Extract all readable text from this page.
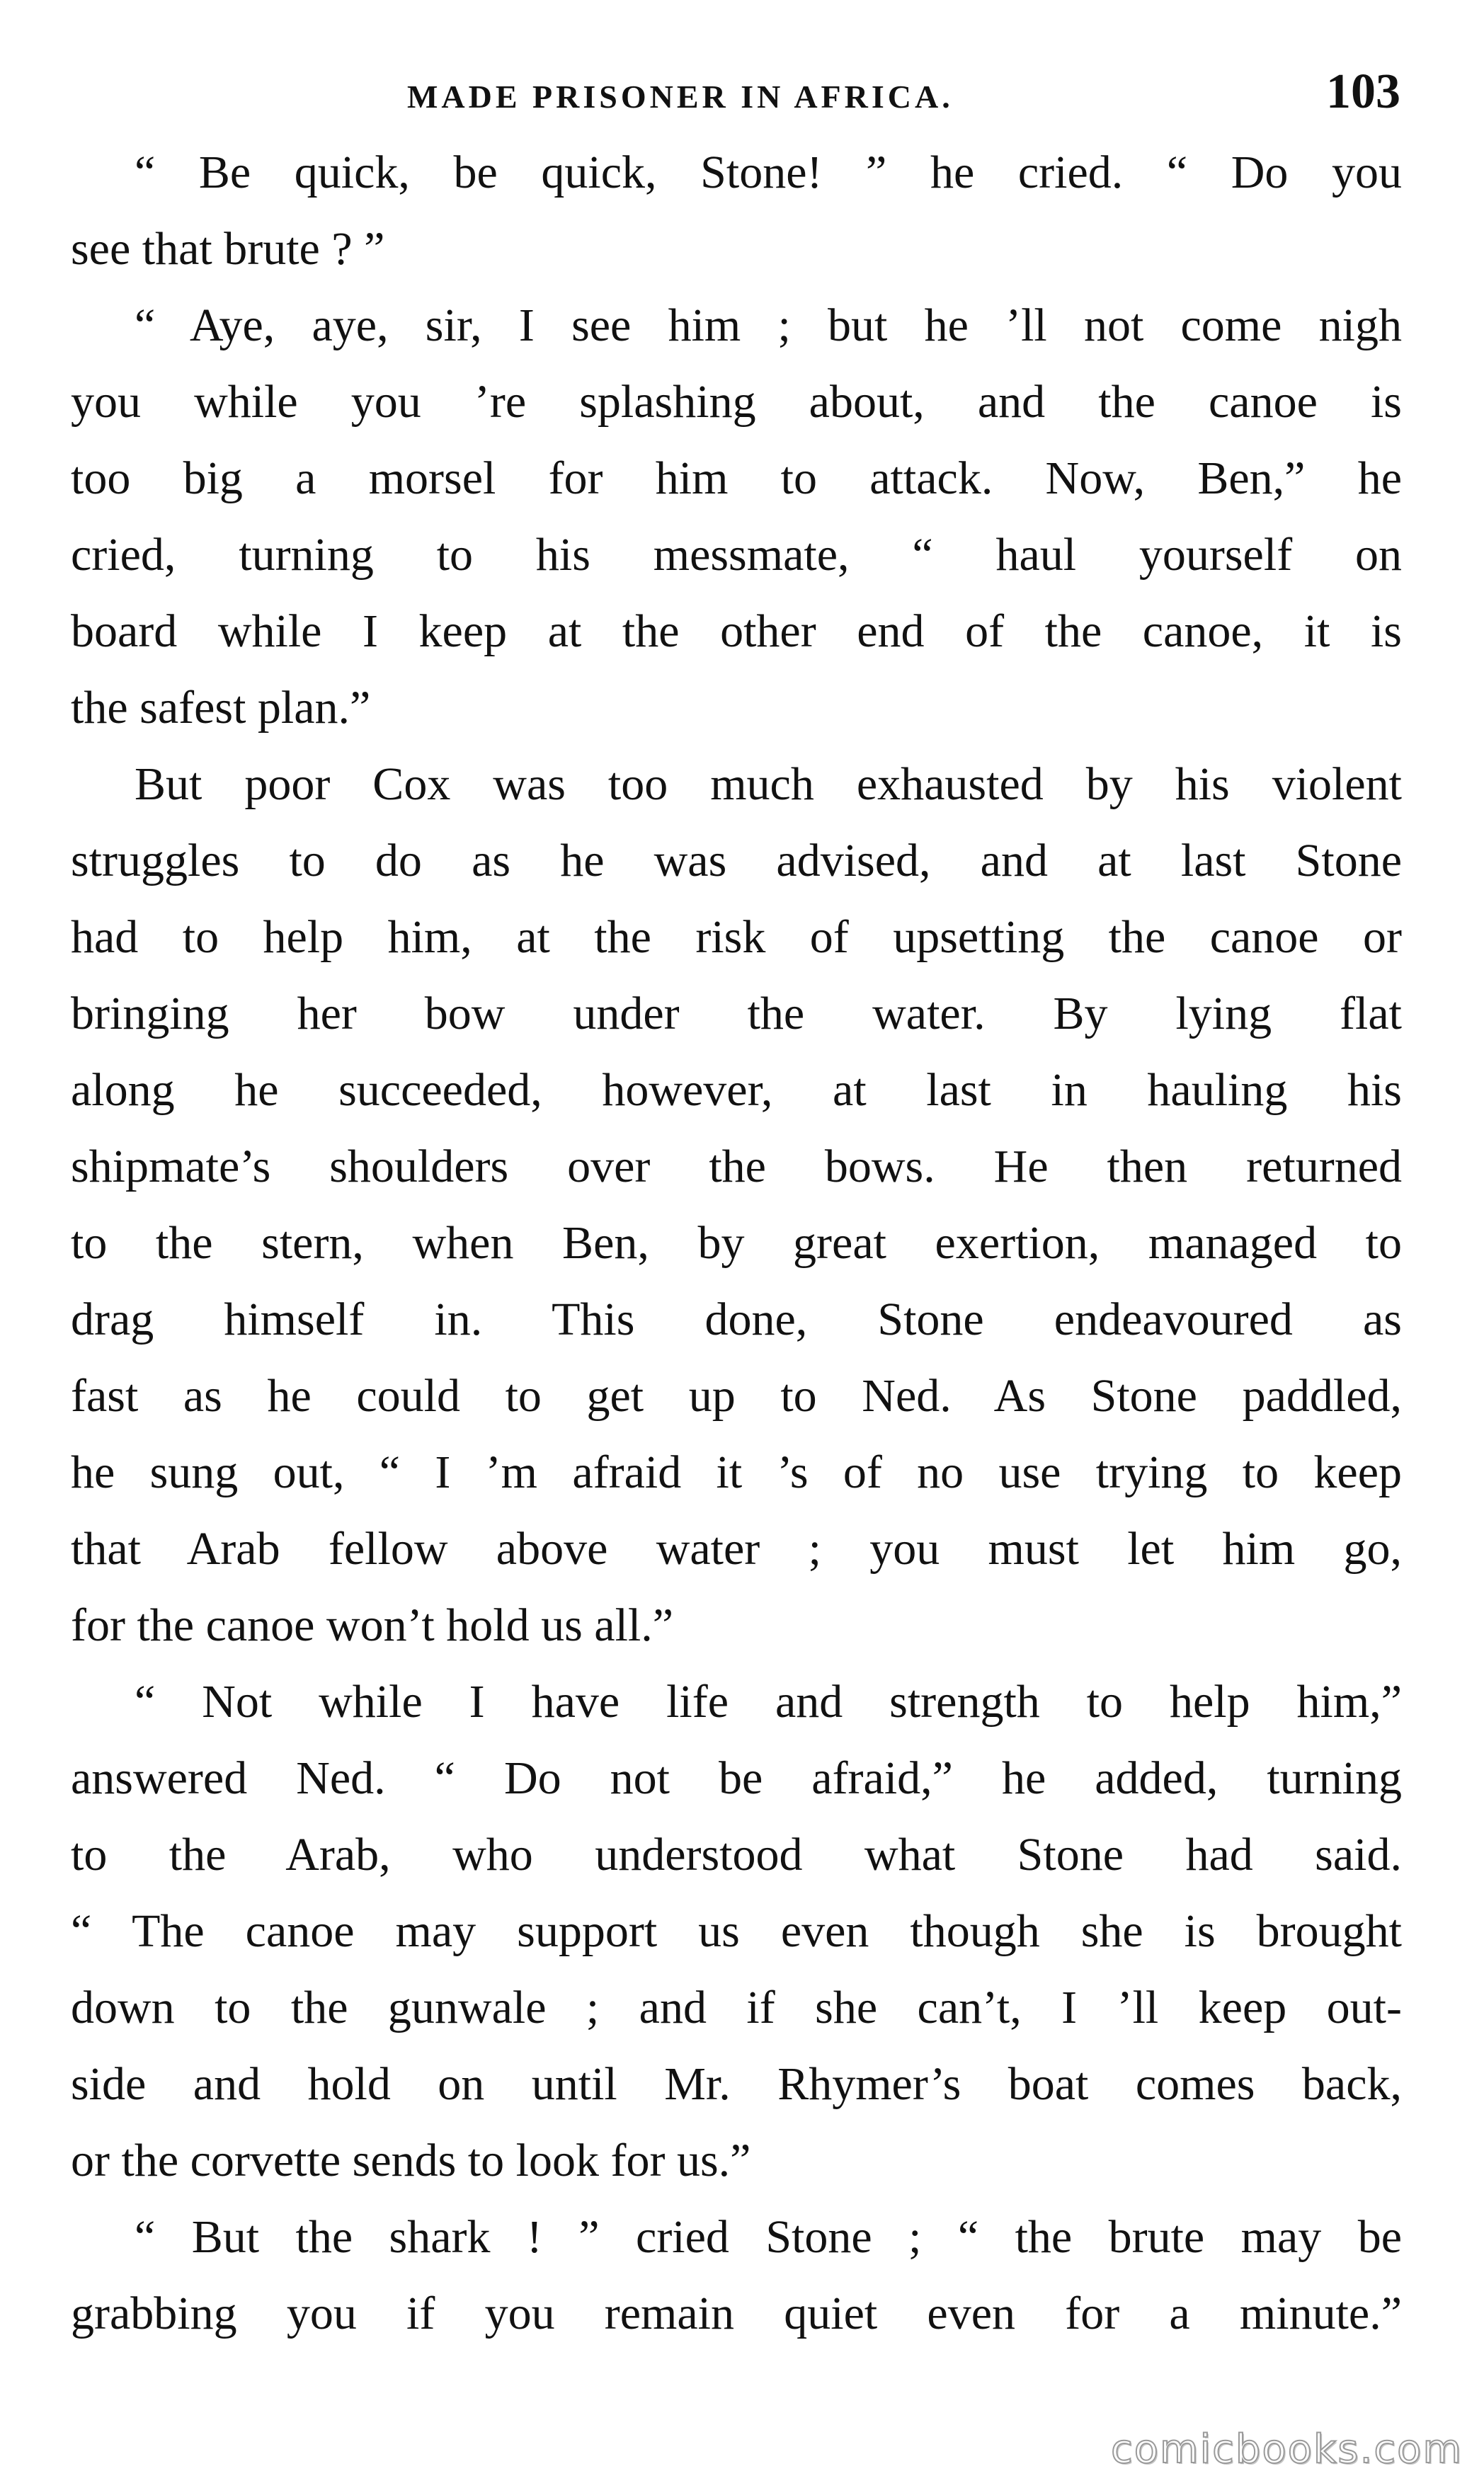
MADE PRISONER IN AFRICA.	103

“ Be quick, be quick, Stone! ” he cried. “ Do you
see that brute ? ”

“ Aye, aye, sir, I see him ; but he ’ll not come nigh
you while you ’re splashing about, and the canoe is
too big a morsel for him to attack. Now, Ben,” he
cried, turning to his messmate, “ haul yourself on
board while I keep at the other end of the canoe, it is
the safest plan.”

But poor Cox was too much exhausted by his violent
struggles to do as he was advised, and at last Stone
had to help him, at the risk of upsetting the canoe or
bringing her bow under the water. By lying flat
along he succeeded, however, at last in hauling his
shipmate’s shoulders over the bows. He then returned
to the stern, when Ben, by great exertion, managed to
drag himself in. This done, Stone endeavoured as
fast as he could to get up to Ned. As Stone paddled,
he sung out, “ I ’m afraid it ’s of no use trying to keep
that Arab fellow above water ; you must let him go,
for the canoe won’t hold us all.”

“ Not while I have life and strength to help him,”
answered Ned. “ Do not be afraid,” he added, turning
to the Arab, who understood what Stone had said.
“ The canoe may support us even though she is brought
down to the gunwale ; and if she can’t, I ’ll keep out-
side and hold on until Mr. Rhymer’s boat comes back,
or the corvette sends to look for us.”

“ But the shark ! ” cried Stone ; “ the brute may be
grabbing you if you remain quiet even for a minute.”

comicbooks.com
